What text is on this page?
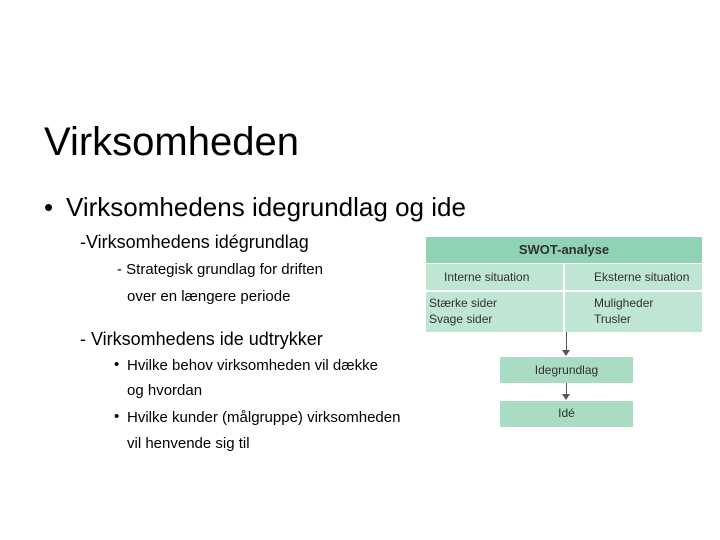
Virksomheden
• Virksomhedens idegrundlag og ide
-Virksomhedens idégrundlag
- Strategisk grundlag for driften
over en længere periode
- Virksomhedens ide udtrykker
• Hvilke behov virksomheden vil dække
og hvordan
• Hvilke kunder (målgruppe) virksomheden
vil henvende sig til
SWOT-analyse
Interne situation	Eksterne situation
Stærke sider
Svage sider
Muligheder
Trusler
Idegrundlag
Idé
